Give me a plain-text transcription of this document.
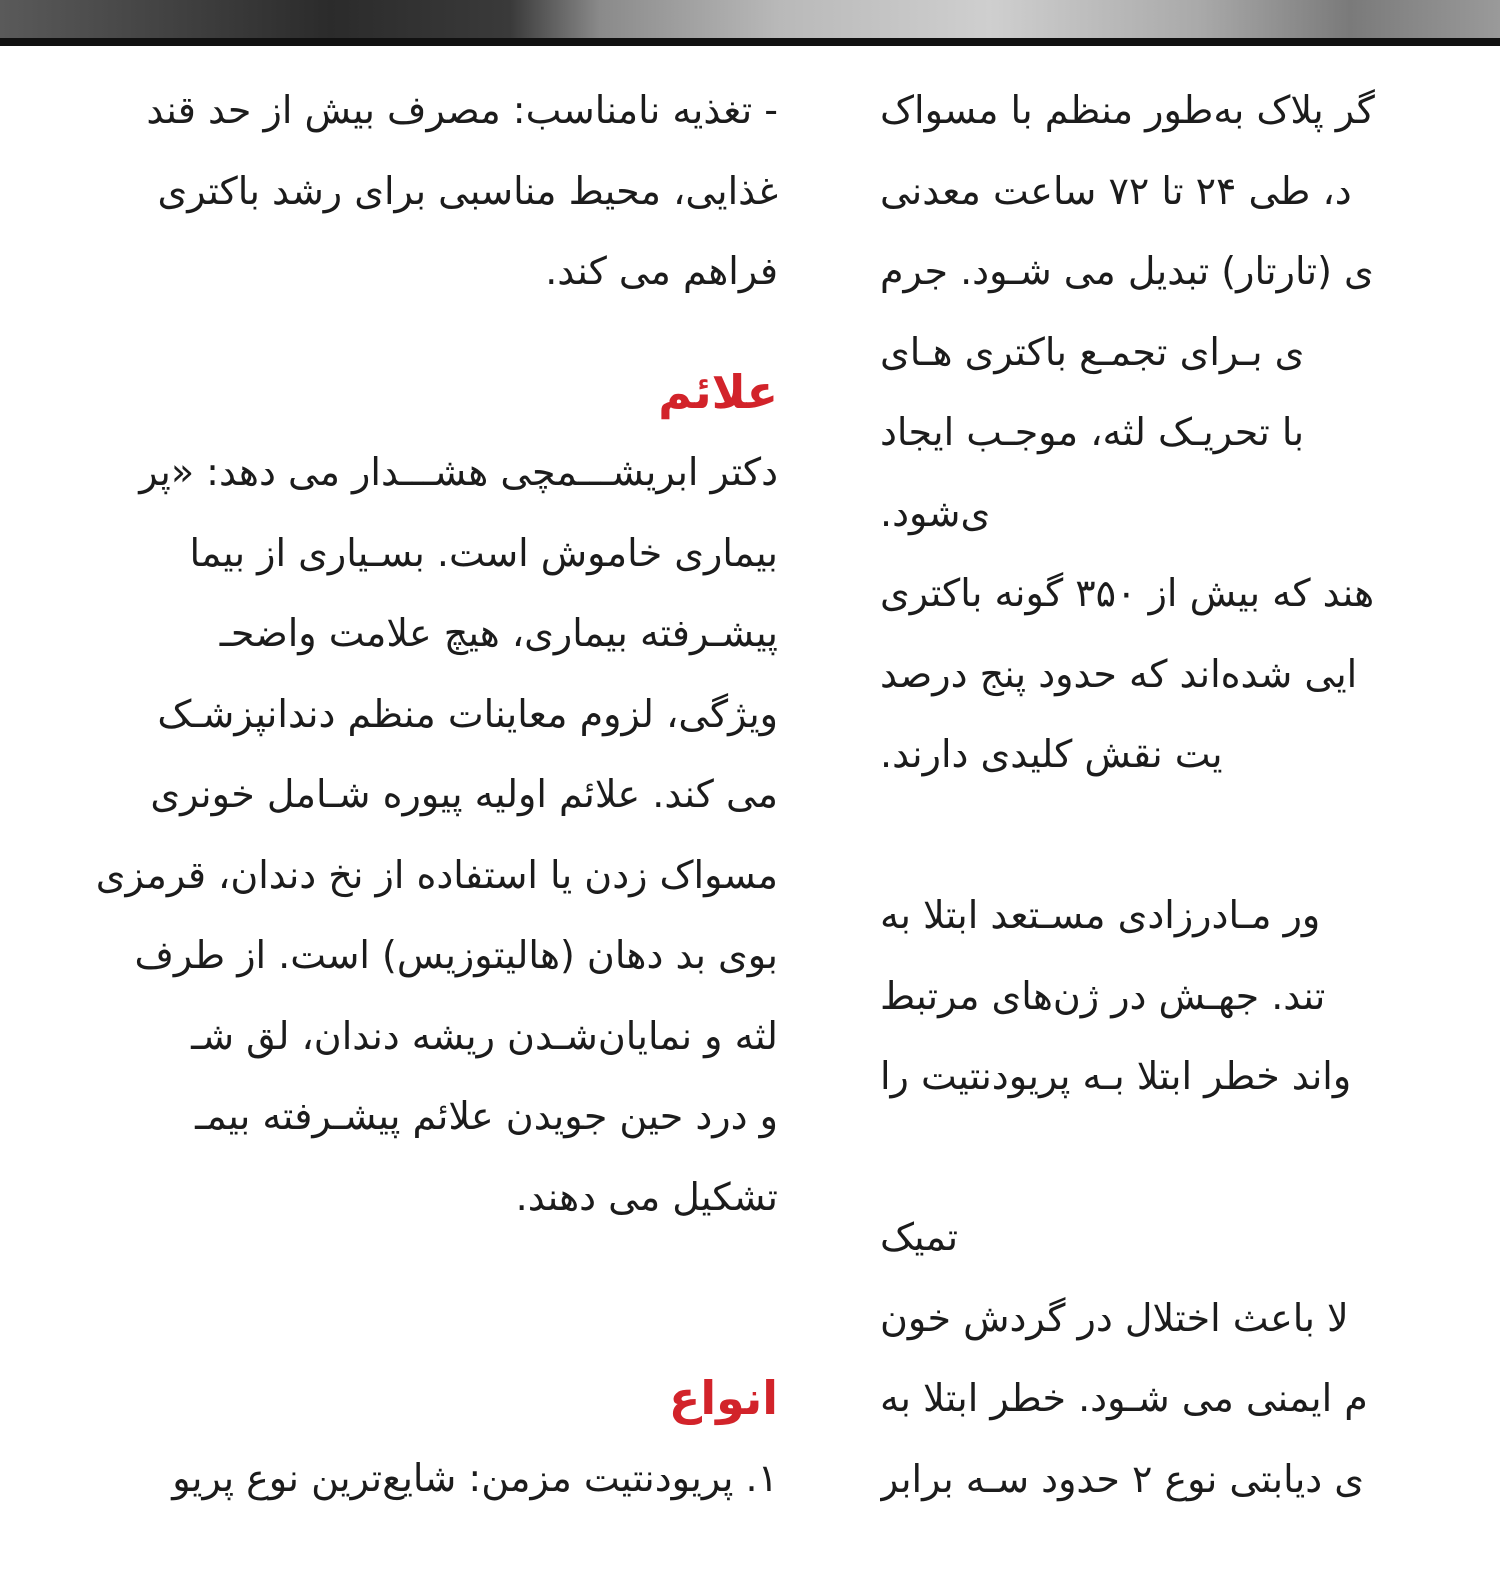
- تغذیه نامناسب: مصرف بیش از حد قند
غذایی، محیط مناسبی برای رشد باکتری
فراهم می کند.
علائم
دکتر ابریشـــمچی هشـــدار می دهد: «پر
بیماری خاموش است. بسـیاری از بیما
پیشـرفته بیماری، هیچ علامت واضحـ
ویژگی، لزوم معاینات منظم دندانپزشـک
می کند. علائم اولیه پیوره شـامل خونری
مسواک زدن یا استفاده از نخ دندان، قرمزی
بوی بد دهان (هالیتوزیس) است. از طرف
لثه و نمایان‌شـدن ریشه دندان، لق شـ
و درد حین جویدن علائم پیشـرفته بیمـ
تشکیل می دهند.
انواع
۱. پریودنتیت مزمن: شایع‌ترین نوع پریو
گر پلاک به‌طور منظم با مسواک
د، طی ۲۴ تا ۷۲ ساعت معدنی
ی (تارتار) تبدیل می شـود. جرم
ی بـرای تجمـع باکتری هـای
با تحریـک لثه، موجـب ایجاد
ی‌شود.
هند که بیش از ۳۵۰ گونه باکتری
ایی شده‌اند که حدود پنج درصد
یت نقش کلیدی دارند.
ور مـادرزادی مسـتعد ابتلا به
تند. جهـش در ژن‌های مرتبط
واند خطر ابتلا بـه پریودنتیت را
تمیک
لا باعث اختلال در گردش خون
م ایمنی می شـود. خطر ابتلا به
ی دیابتی نوع ۲ حدود سـه برابر
